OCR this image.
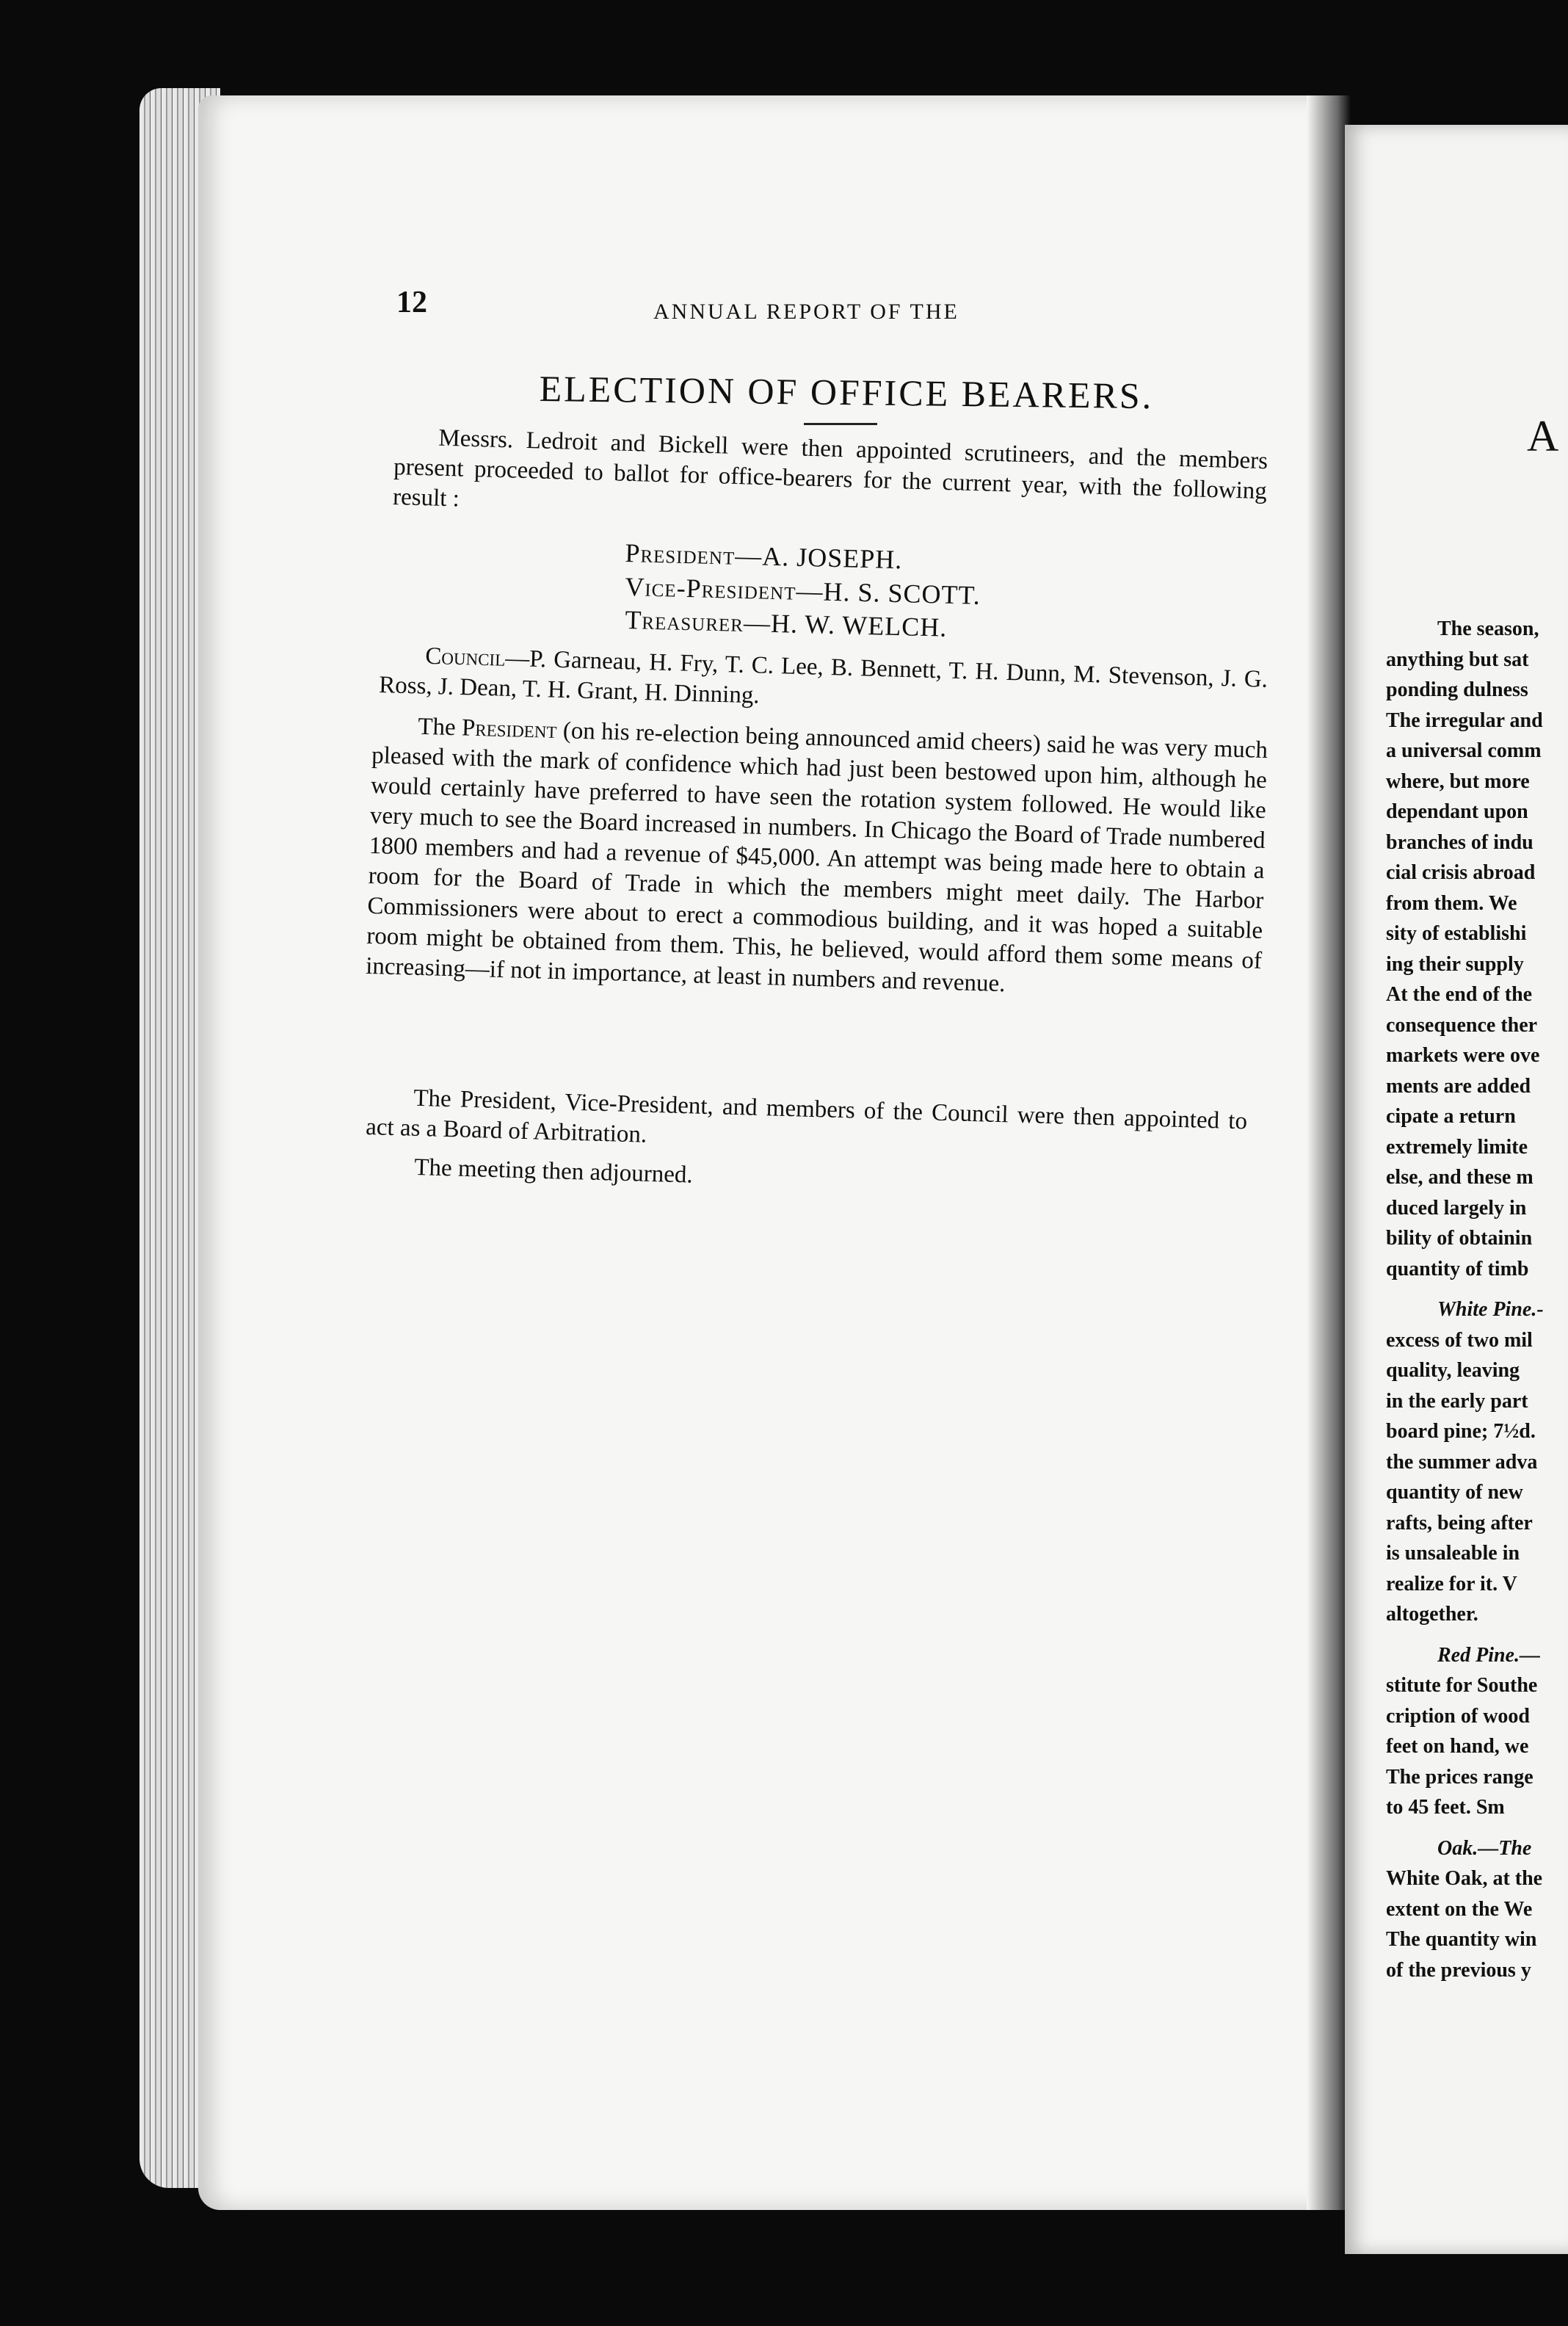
The season,
anything but sat
ponding dulness
The irregular and
a universal comm
where, but more
dependant upon
branches of indu
cial crisis abroad
from them. We
sity of establishi
ing their supply
At the end of the
consequence ther
markets were ove
ments are added
cipate a return
extremely limite
else, and these m
duced largely in
bility of obtainin
quantity of timb
White Pine.-
excess of two mil
quality, leaving
in the early part
board pine; 7½d.
the summer adva
quantity of new
rafts, being after
is unsaleable in
realize for it. V
altogether.
Red Pine.—
stitute for Southe
cription of wood
feet on hand, we
The prices range
to 45 feet. Sm
Oak.—The
White Oak, at the
extent on the We
The quantity win
of the previous y
A
12	ANNUAL REPORT OF THE
ELECTION OF OFFICE BEARERS.
Messrs. Ledroit and Bickell were then appointed scrutineers, and the members present proceeded to ballot for office-bearers for the current year, with the following result :
President—A. JOSEPH.
Vice-President—H. S. SCOTT.
Treasurer—H. W. WELCH.
Council—P. Garneau, H. Fry, T. C. Lee, B. Bennett, T. H. Dunn, M. Stevenson, J. G. Ross, J. Dean, T. H. Grant, H. Dinning.
The President (on his re-election being announced amid cheers) said he was very much pleased with the mark of confidence which had just been bestowed upon him, although he would certainly have preferred to have seen the rotation system followed. He would like very much to see the Board increased in numbers. In Chicago the Board of Trade numbered 1800 members and had a revenue of $45,000. An attempt was being made here to obtain a room for the Board of Trade in which the members might meet daily. The Harbor Commissioners were about to erect a commodious building, and it was hoped a suitable room might be obtained from them. This, he believed, would afford them some means of increasing—if not in importance, at least in numbers and revenue.
The President, Vice-President, and members of the Council were then appointed to act as a Board of Arbitration.
The meeting then adjourned.
